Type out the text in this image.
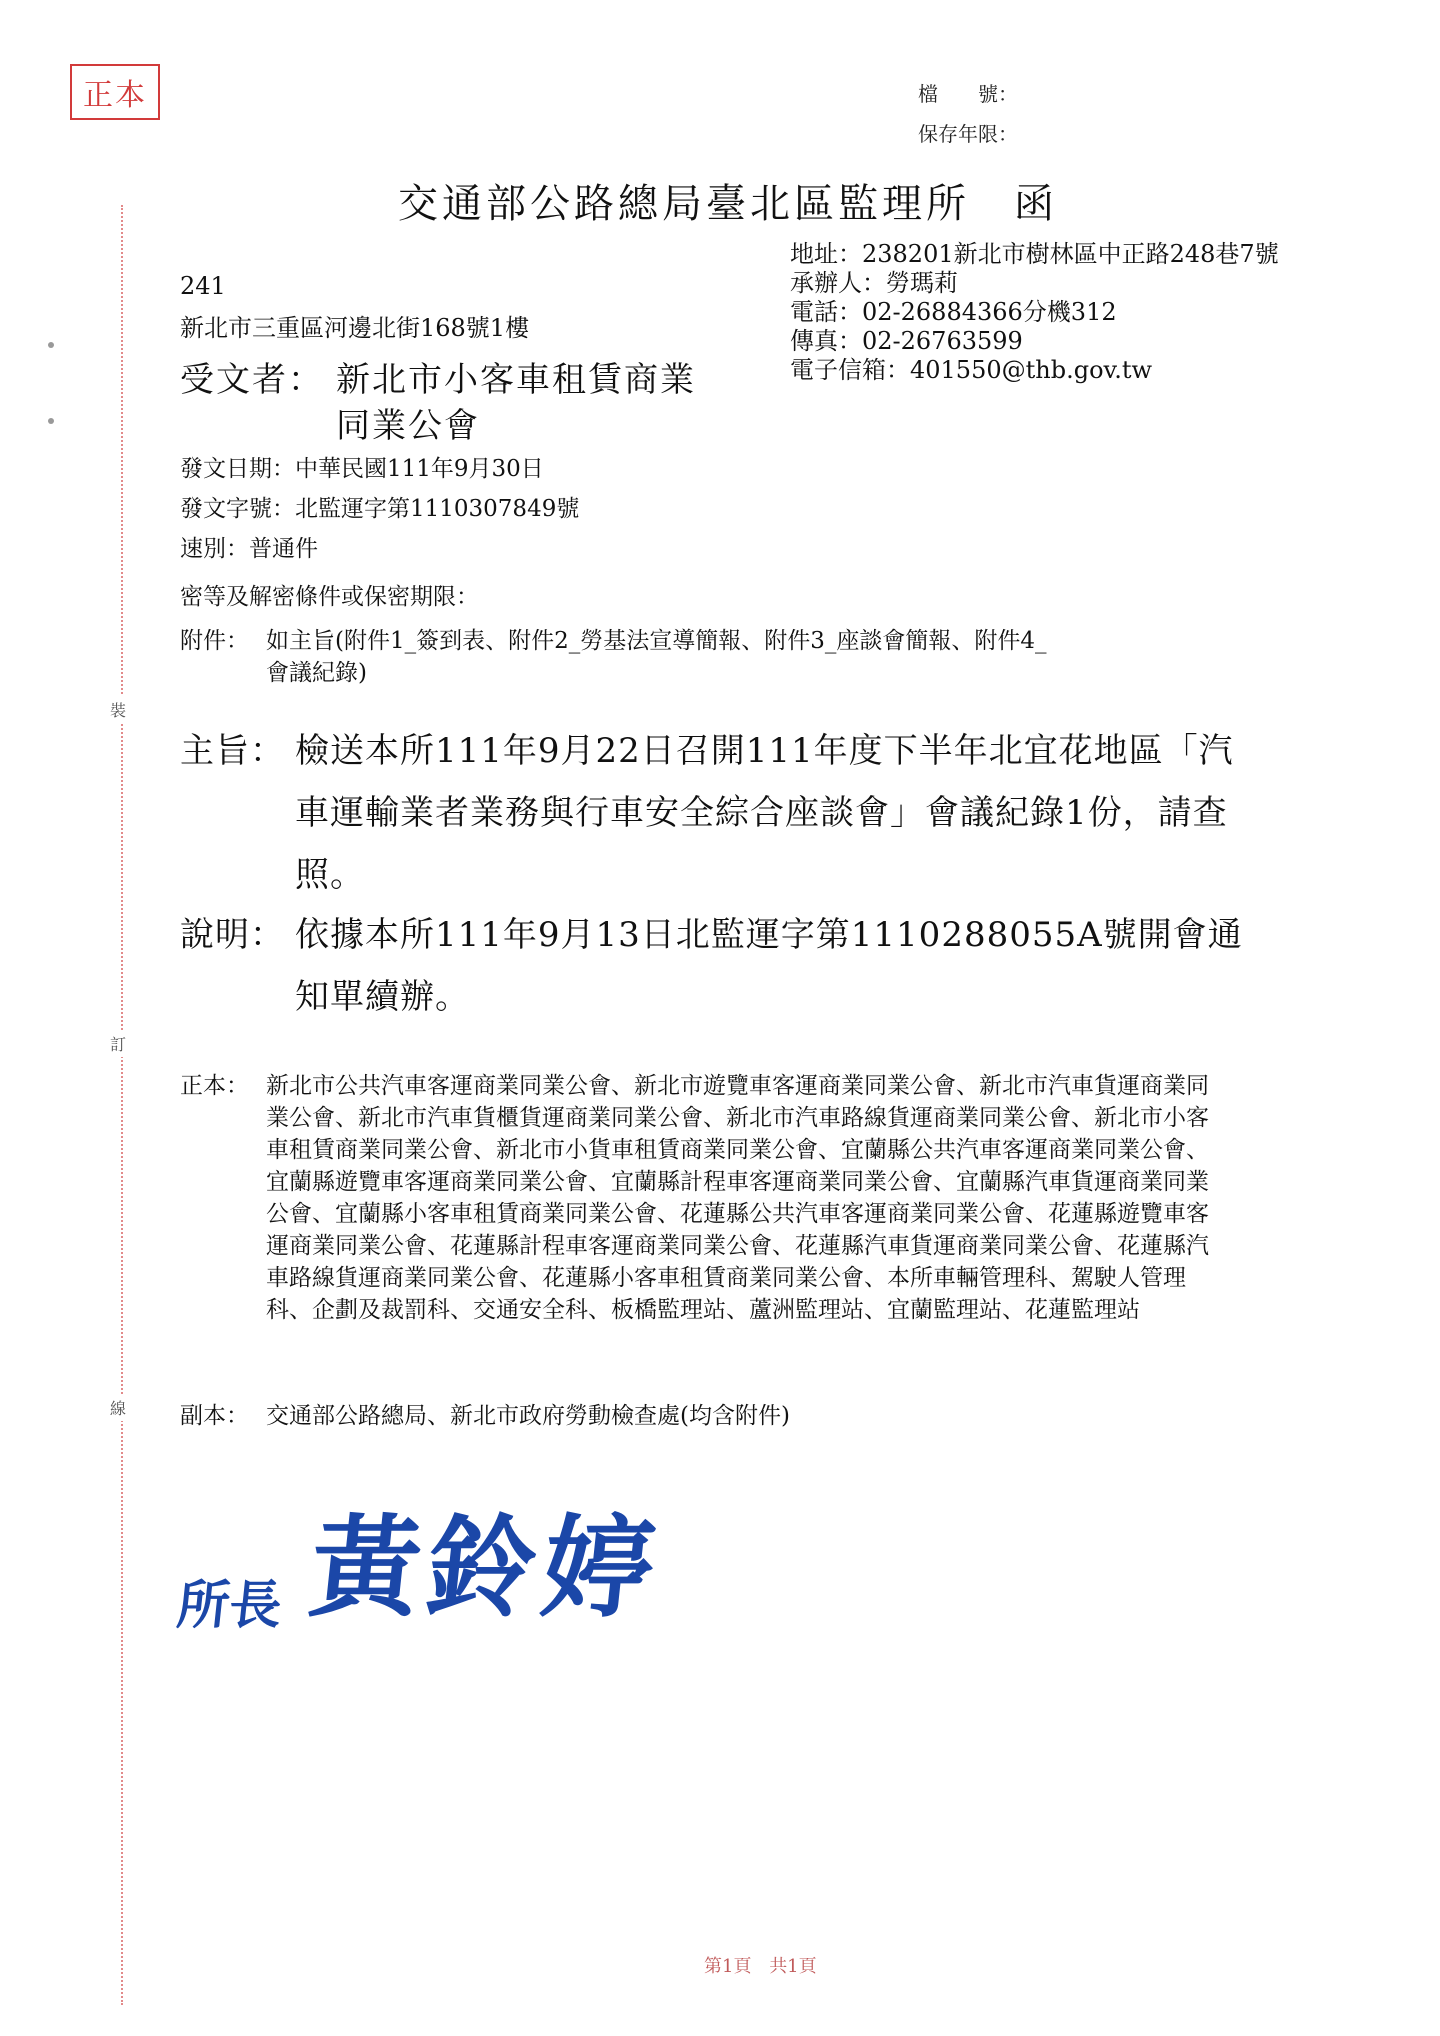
正本	檔　　號：
保存年限：
裝
訂
線
交通部公路總局臺北區監理所　函
地址：238201新北市樹林區中正路248巷7號
承辦人：勞瑪莉
電話：02-26884366分機312
傳真：02-26763599
電子信箱：401550@thb.gov.tw
241
新北市三重區河邊北街168號1樓
受文者： 新北市小客車租賃商業
同業公會
發文日期：中華民國111年9月30日
發文字號：北監運字第1110307849號
速別：普通件
密等及解密條件或保密期限：
附件： 如主旨(附件1_簽到表、附件2_勞基法宣導簡報、附件3_座談會簡報、附件4_
會議紀錄)
主旨： 檢送本所111年9月22日召開111年度下半年北宜花地區「汽車運輸業者業務與行車安全綜合座談會」會議紀錄1份，請查照。
說明： 依據本所111年9月13日北監運字第1110288055A號開會通知單續辦。
正本： 新北市公共汽車客運商業同業公會、新北市遊覽車客運商業同業公會、新北市汽車貨運商業同業公會、新北市汽車貨櫃貨運商業同業公會、新北市汽車路線貨運商業同業公會、新北市小客車租賃商業同業公會、新北市小貨車租賃商業同業公會、宜蘭縣公共汽車客運商業同業公會、宜蘭縣遊覽車客運商業同業公會、宜蘭縣計程車客運商業同業公會、宜蘭縣汽車貨運商業同業公會、宜蘭縣小客車租賃商業同業公會、花蓮縣公共汽車客運商業同業公會、花蓮縣遊覽車客運商業同業公會、花蓮縣計程車客運商業同業公會、花蓮縣汽車貨運商業同業公會、花蓮縣汽車路線貨運商業同業公會、花蓮縣小客車租賃商業同業公會、本所車輛管理科、駕駛人管理科、企劃及裁罰科、交通安全科、板橋監理站、蘆洲監理站、宜蘭監理站、花蓮監理站
副本： 交通部公路總局、新北市政府勞動檢查處(均含附件)
所長 黃鈴婷
第1頁 共1頁
